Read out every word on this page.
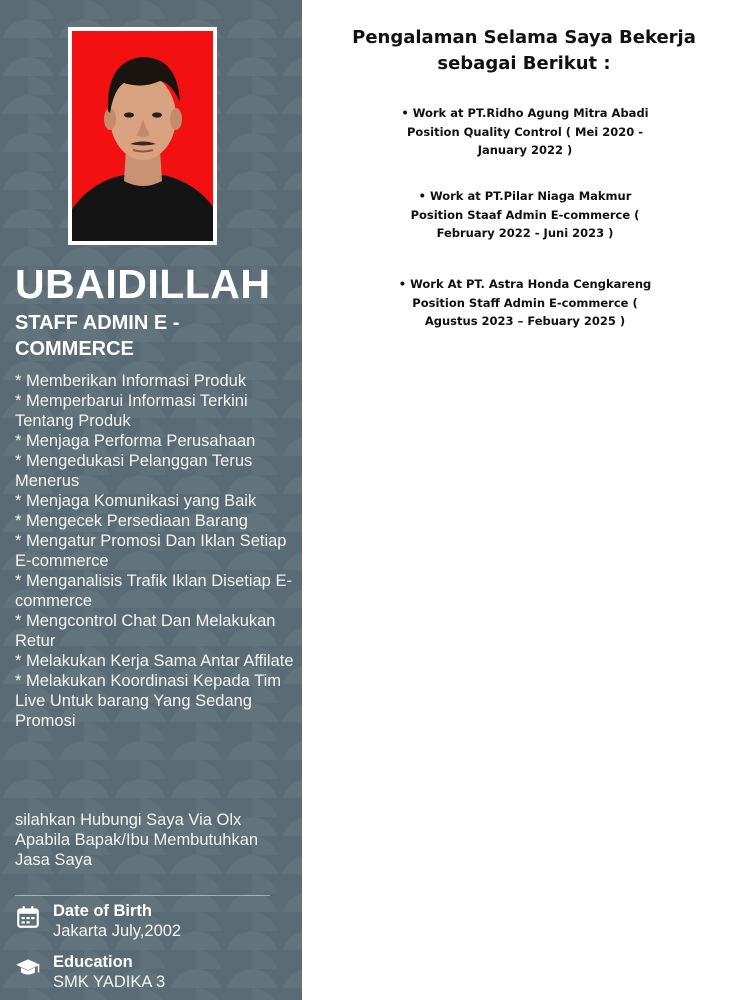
UBAIDILLAH
STAFF ADMIN E - COMMERCE
* Memberikan Informasi Produk
* Memperbarui Informasi Terkini Tentang Produk
* Menjaga Performa Perusahaan
* Mengedukasi Pelanggan Terus Menerus
* Menjaga Komunikasi yang Baik
* Mengecek Persediaan Barang
* Mengatur Promosi Dan Iklan Setiap E-commerce
* Menganalisis Trafik Iklan Disetiap E-commerce
* Mengcontrol Chat Dan Melakukan Retur
* Melakukan Kerja Sama Antar Affilate
* Melakukan Koordinasi Kepada Tim Live Untuk barang Yang Sedang Promosi
silahkan Hubungi Saya Via Olx Apabila Bapak/Ibu Membutuhkan Jasa Saya
Date of Birth
Jakarta July,2002
Education
SMK YADIKA 3
Pengalaman Selama Saya Bekerja sebagai Berikut :
• Work at PT.Ridho Agung Mitra Abadi Position Quality Control ( Mei 2020 - January 2022 )
• Work at PT.Pilar Niaga Makmur Position Staaf Admin E-commerce ( February 2022 - Juni 2023 )
• Work At PT. Astra Honda Cengkareng Position Staff Admin E-commerce ( Agustus 2023 – Febuary 2025 )
